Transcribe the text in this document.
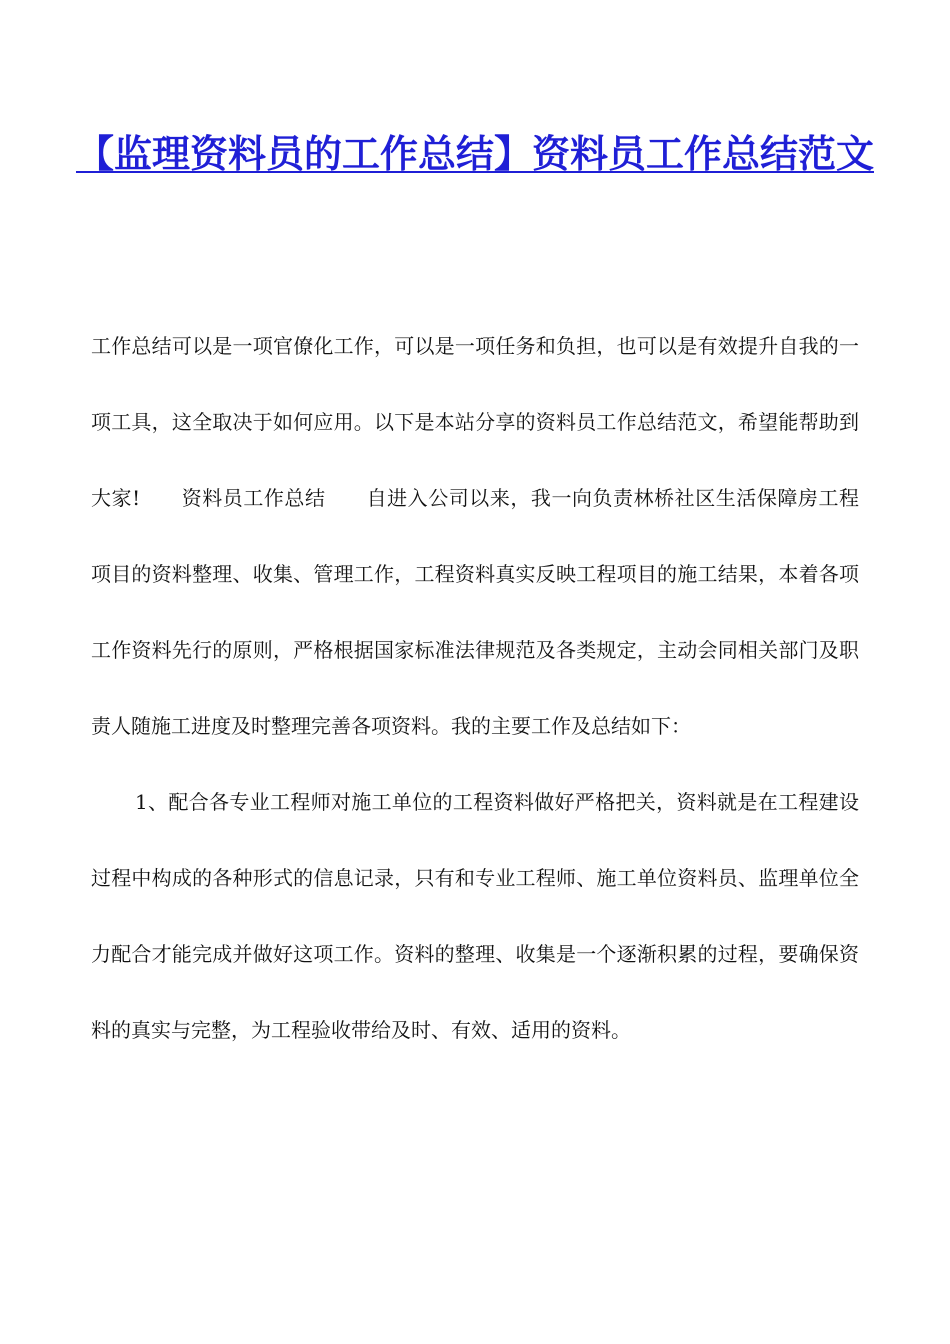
【监理资料员的工作总结】资料员工作总结范文

工作总结可以是一项官僚化工作，可以是一项任务和负担，也可以是有效提升自我的一项工具，这全取决于如何应用。以下是本站分享的资料员工作总结范文，希望能帮助到大家!　　资料员工作总结　　自进入公司以来，我一向负责林桥社区生活保障房工程项目的资料整理、收集、管理工作，工程资料真实反映工程项目的施工结果，本着各项工作资料先行的原则，严格根据国家标准法律规范及各类规定，主动会同相关部门及职责人随施工进度及时整理完善各项资料。我的主要工作及总结如下：

1、配合各专业工程师对施工单位的工程资料做好严格把关，资料就是在工程建设过程中构成的各种形式的信息记录，只有和专业工程师、施工单位资料员、监理单位全力配合才能完成并做好这项工作。资料的整理、收集是一个逐渐积累的过程，要确保资料的真实与完整，为工程验收带给及时、有效、适用的资料。
